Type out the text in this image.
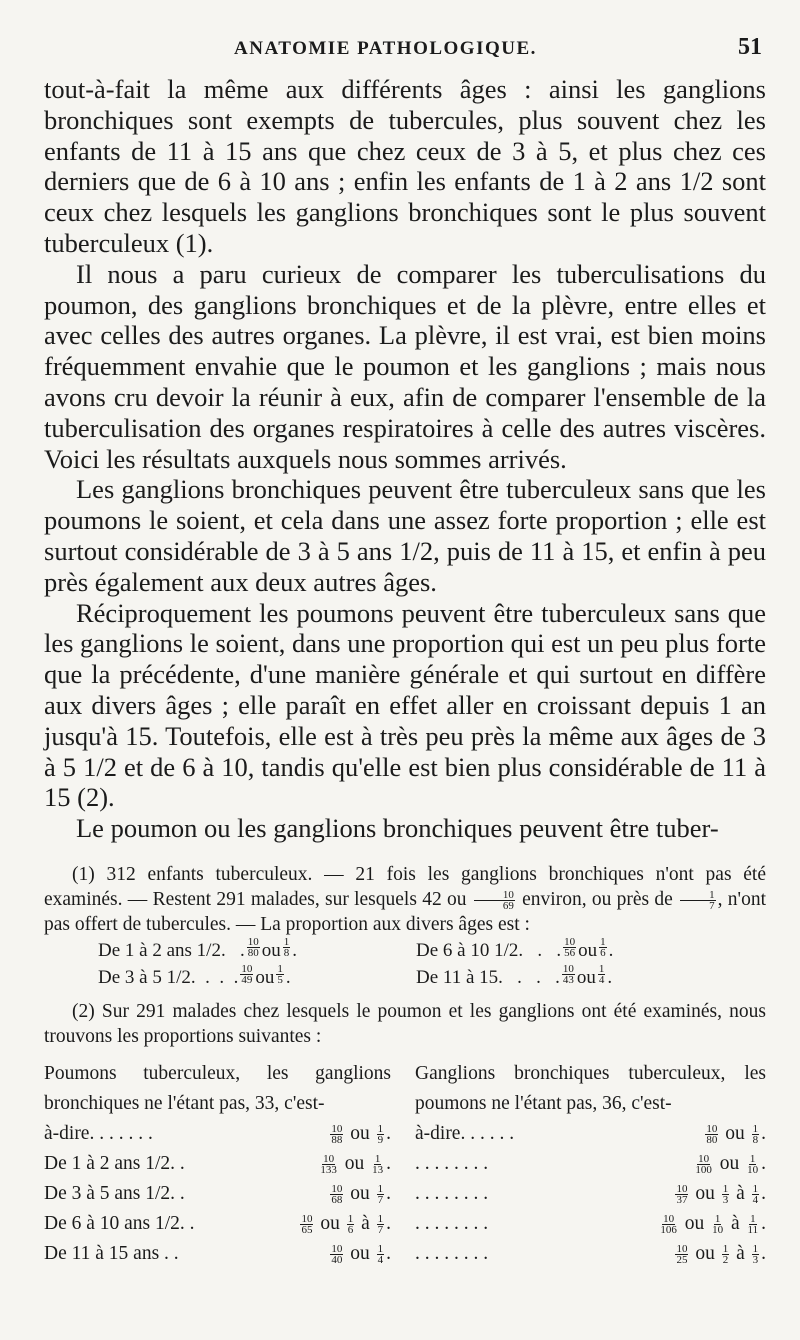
ANATOMIE PATHOLOGIQUE.	51

tout-à-fait la même aux différents âges : ainsi les ganglions bronchiques sont exempts de tubercules, plus souvent chez les enfants de 11 à 15 ans que chez ceux de 3 à 5, et plus chez ces derniers que de 6 à 10 ans ; enfin les enfants de 1 à 2 ans 1/2 sont ceux chez lesquels les ganglions bronchiques sont le plus souvent tuberculeux (1).

Il nous a paru curieux de comparer les tuberculisations du poumon, des ganglions bronchiques et de la plèvre, entre elles et avec celles des autres organes. La plèvre, il est vrai, est bien moins fréquemment envahie que le poumon et les ganglions ; mais nous avons cru devoir la réunir à eux, afin de comparer l'ensemble de la tuberculisation des organes respiratoires à celle des autres viscères. Voici les résultats auxquels nous sommes arrivés.

Les ganglions bronchiques peuvent être tuberculeux sans que les poumons le soient, et cela dans une assez forte proportion ; elle est surtout considérable de 3 à 5 ans 1/2, puis de 11 à 15, et enfin à peu près également aux deux autres âges.

Réciproquement les poumons peuvent être tuberculeux sans que les ganglions le soient, dans une proportion qui est un peu plus forte que la précédente, d'une manière générale et qui surtout en diffère aux divers âges ; elle paraît en effet aller en croissant depuis 1 an jusqu'à 15. Toutefois, elle est à très peu près la même aux âges de 3 à 5 1/2 et de 6 à 10, tandis qu'elle est bien plus considérable de 11 à 15 (2).

Le poumon ou les ganglions bronchiques peuvent être tuber-

(1) 312 enfants tuberculeux. — 21 fois les ganglions bronchiques n'ont pas été examinés. — Restent 291 malades, sur lesquels 42 ou $\frac{10}{69}$ environ, ou près de $\frac{1}{7}$ , n'ont pas offert de tubercules. — La proportion aux divers âges est :

De 1 à 2 ans 1/2.   . $\frac{10}{80}$ ou $\frac{1}{8}$ .	De 6 à 10 1/2.   .   . $\frac{10}{56}$ ou $\frac{1}{6}$ .
De 3 à 5 1/2.  .  .  . $\frac{10}{49}$ ou $\frac{1}{5}$ .	De 11 à 15.   .   .   . $\frac{10}{43}$ ou $\frac{1}{4}$ .

(2) Sur 291 malades chez lesquels le poumon et les ganglions ont été examinés, nous trouvons les proportions suivantes :

Poumons tuberculeux, les ganglions bronchiques ne l'étant pas, 33, c'est-
à-dire. . . . . . .	$\frac{10}{88}$ ou $\frac{1}{9}$ .
De 1 à 2 ans 1/2. .	$\frac{10}{133}$ ou $\frac{1}{13}$ .
De 3 à 5 ans 1/2. .	$\frac{10}{68}$ ou $\frac{1}{7}$ .
De 6 à 10 ans 1/2. .	$\frac{10}{65}$ ou $\frac{1}{6}$ à $\frac{1}{7}$ .
De 11 à 15 ans . .	$\frac{10}{40}$ ou $\frac{1}{4}$ .
Ganglions bronchiques tuberculeux, les poumons ne l'étant pas, 36, c'est-
à-dire. . . . . .	$\frac{10}{80}$ ou $\frac{1}{8}$ .
. . . . . . . .	$\frac{10}{100}$ ou $\frac{1}{10}$ .
. . . . . . . .	$\frac{10}{37}$ ou $\frac{1}{3}$ à $\frac{1}{4}$ .
. . . . . . . .	$\frac{10}{106}$ ou $\frac{1}{10}$ à $\frac{1}{11}$ .
. . . . . . . .	$\frac{10}{25}$ ou $\frac{1}{2}$ à $\frac{1}{3}$ .
